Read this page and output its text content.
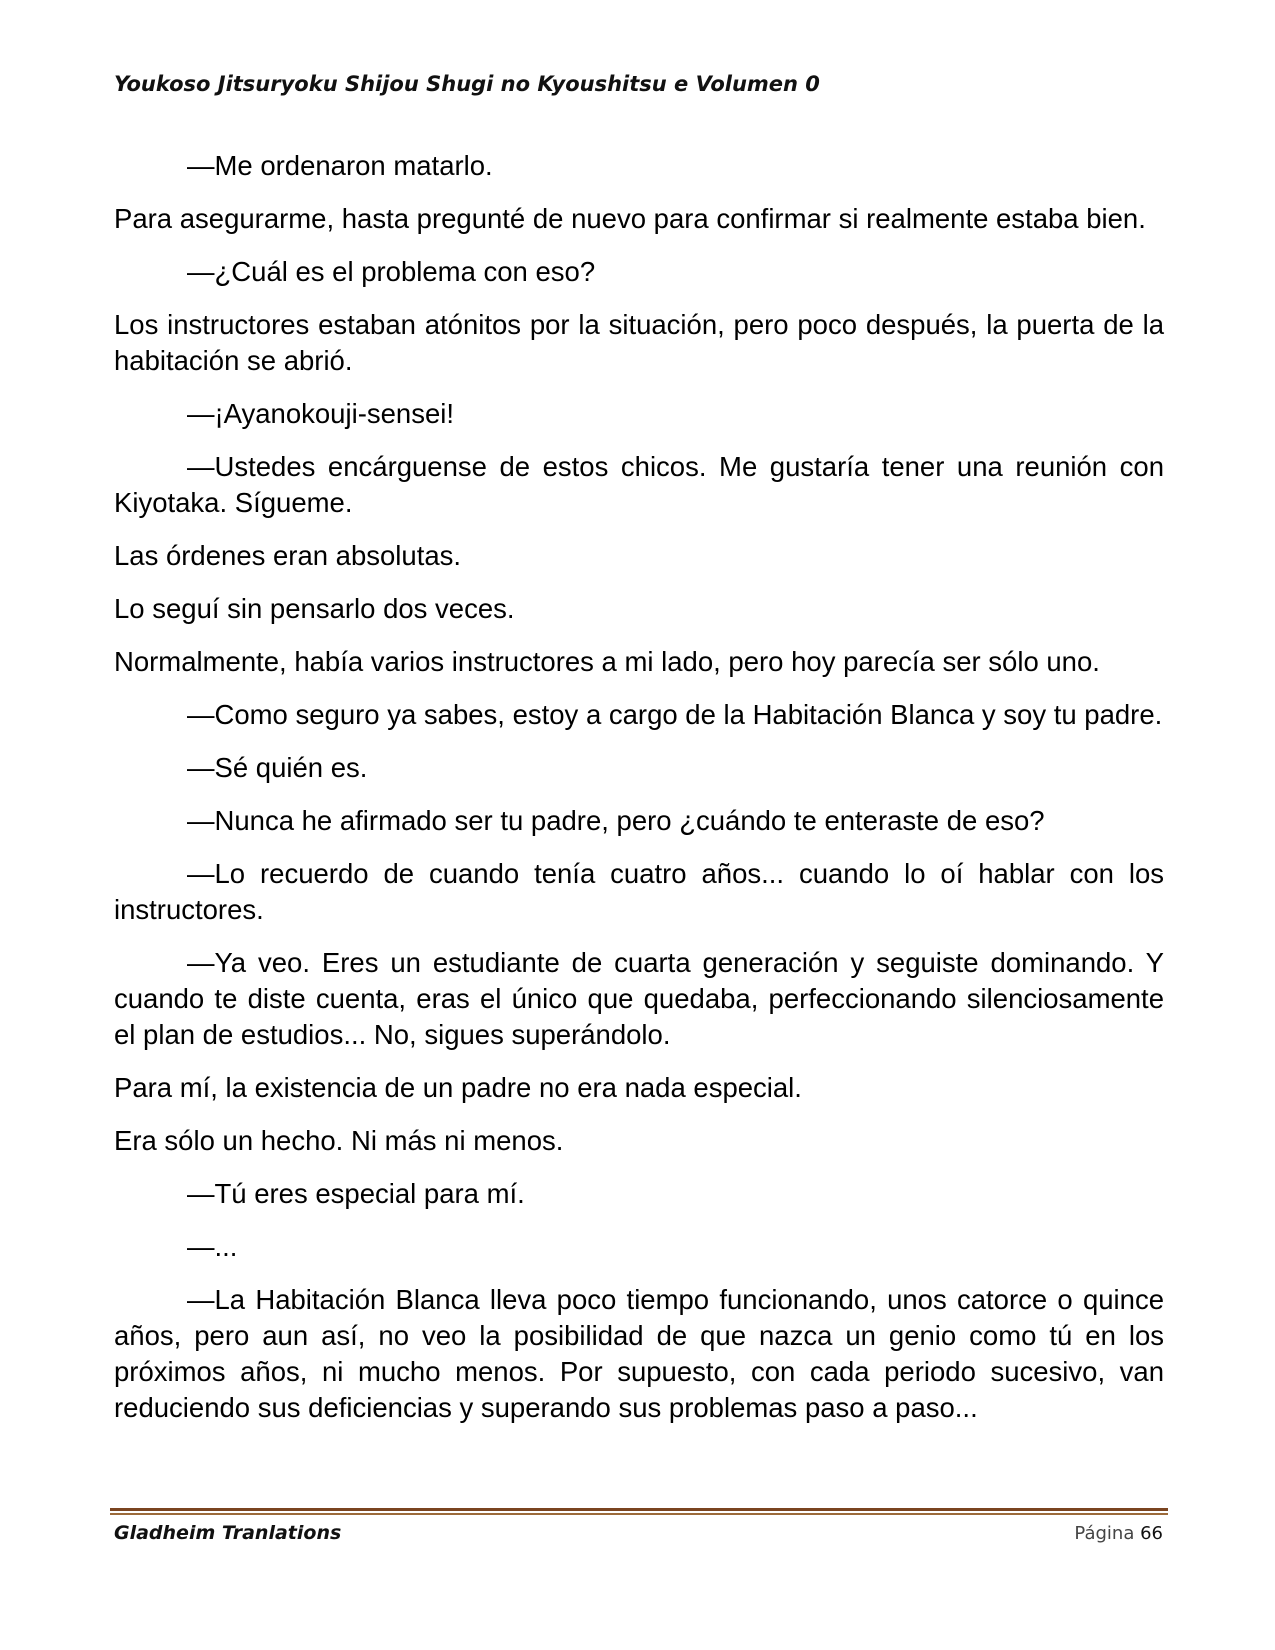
Youkoso Jitsuryoku Shijou Shugi no Kyoushitsu e Volumen 0

—Me ordenaron matarlo.

Para asegurarme, hasta pregunté de nuevo para confirmar si realmente estaba bien.

—¿Cuál es el problema con eso?

Los instructores estaban atónitos por la situación, pero poco después, la puerta de la habitación se abrió.

—¡Ayanokouji-sensei!

—Ustedes encárguense de estos chicos. Me gustaría tener una reunión con Kiyotaka. Sígueme.

Las órdenes eran absolutas.

Lo seguí sin pensarlo dos veces.

Normalmente, había varios instructores a mi lado, pero hoy parecía ser sólo uno.

—Como seguro ya sabes, estoy a cargo de la Habitación Blanca y soy tu padre.

—Sé quién es.

—Nunca he afirmado ser tu padre, pero ¿cuándo te enteraste de eso?

—Lo recuerdo de cuando tenía cuatro años... cuando lo oí hablar con los instructores.

—Ya veo. Eres un estudiante de cuarta generación y seguiste dominando. Y cuando te diste cuenta, eras el único que quedaba, perfeccionando silenciosamente el plan de estudios... No, sigues superándolo.

Para mí, la existencia de un padre no era nada especial.

Era sólo un hecho. Ni más ni menos.

—Tú eres especial para mí.

—...

—La Habitación Blanca lleva poco tiempo funcionando, unos catorce o quince años, pero aun así, no veo la posibilidad de que nazca un genio como tú en los próximos años, ni mucho menos. Por supuesto, con cada periodo sucesivo, van reduciendo sus deficiencias y superando sus problemas paso a paso...

Gladheim Tranlations	Página 66
